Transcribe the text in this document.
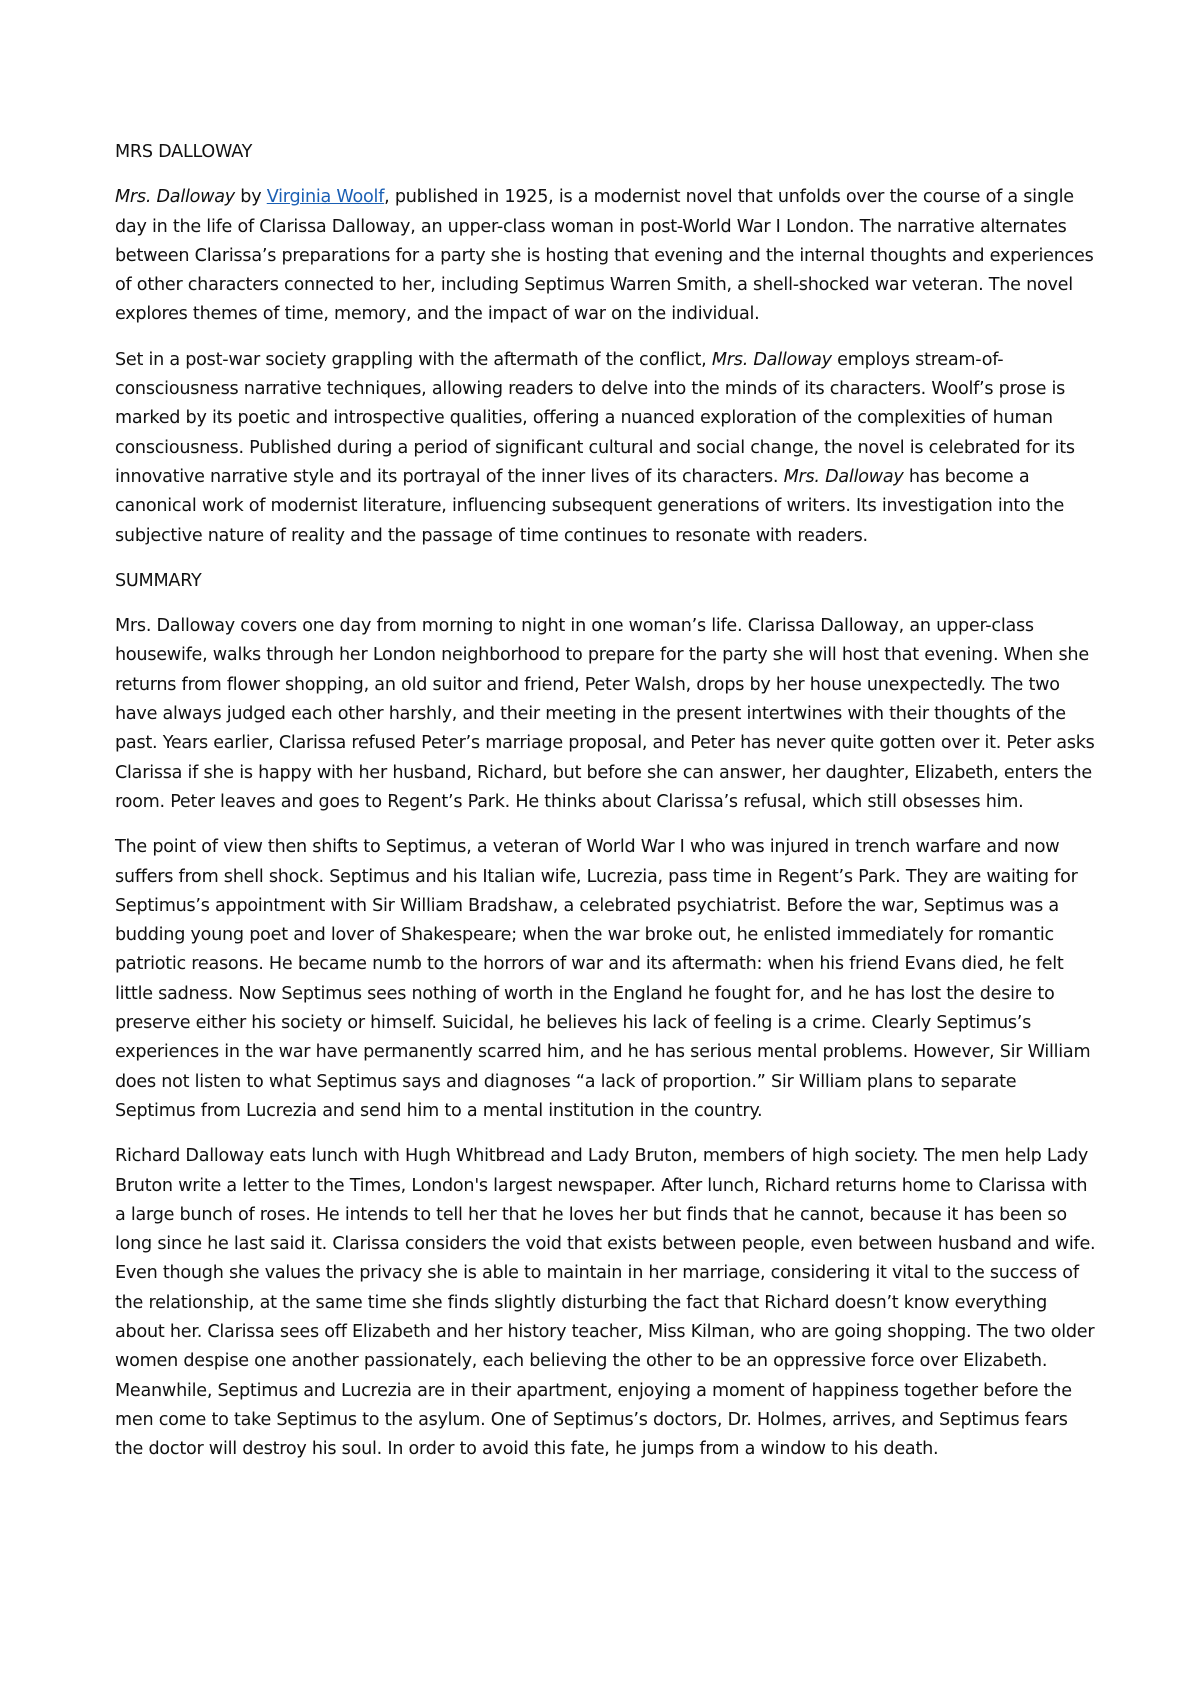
MRS DALLOWAY

Mrs. Dalloway by Virginia Woolf, published in 1925, is a modernist novel that unfolds over the course of a single day in the life of Clarissa Dalloway, an upper-class woman in post-World War I London. The narrative alternates between Clarissa’s preparations for a party she is hosting that evening and the internal thoughts and experiences of other characters connected to her, including Septimus Warren Smith, a shell-shocked war veteran. The novel explores themes of time, memory, and the impact of war on the individual.

Set in a post-war society grappling with the aftermath of the conflict, Mrs. Dalloway employs stream-of-consciousness narrative techniques, allowing readers to delve into the minds of its characters. Woolf’s prose is marked by its poetic and introspective qualities, offering a nuanced exploration of the complexities of human consciousness. Published during a period of significant cultural and social change, the novel is celebrated for its innovative narrative style and its portrayal of the inner lives of its characters. Mrs. Dalloway has become a canonical work of modernist literature, influencing subsequent generations of writers. Its investigation into the subjective nature of reality and the passage of time continues to resonate with readers.

SUMMARY

Mrs. Dalloway covers one day from morning to night in one woman’s life. Clarissa Dalloway, an upper-class housewife, walks through her London neighborhood to prepare for the party she will host that evening. When she returns from flower shopping, an old suitor and friend, Peter Walsh, drops by her house unexpectedly. The two have always judged each other harshly, and their meeting in the present intertwines with their thoughts of the past. Years earlier, Clarissa refused Peter’s marriage proposal, and Peter has never quite gotten over it. Peter asks Clarissa if she is happy with her husband, Richard, but before she can answer, her daughter, Elizabeth, enters the room. Peter leaves and goes to Regent’s Park. He thinks about Clarissa’s refusal, which still obsesses him.

The point of view then shifts to Septimus, a veteran of World War I who was injured in trench warfare and now suffers from shell shock. Septimus and his Italian wife, Lucrezia, pass time in Regent’s Park. They are waiting for Septimus’s appointment with Sir William Bradshaw, a celebrated psychiatrist. Before the war, Septimus was a budding young poet and lover of Shakespeare; when the war broke out, he enlisted immediately for romantic patriotic reasons. He became numb to the horrors of war and its aftermath: when his friend Evans died, he felt little sadness. Now Septimus sees nothing of worth in the England he fought for, and he has lost the desire to preserve either his society or himself. Suicidal, he believes his lack of feeling is a crime. Clearly Septimus’s experiences in the war have permanently scarred him, and he has serious mental problems. However, Sir William does not listen to what Septimus says and diagnoses “a lack of proportion.” Sir William plans to separate Septimus from Lucrezia and send him to a mental institution in the country.

Richard Dalloway eats lunch with Hugh Whitbread and Lady Bruton, members of high society. The men help Lady Bruton write a letter to the Times, London's largest newspaper. After lunch, Richard returns home to Clarissa with a large bunch of roses. He intends to tell her that he loves her but finds that he cannot, because it has been so long since he last said it. Clarissa considers the void that exists between people, even between husband and wife. Even though she values the privacy she is able to maintain in her marriage, considering it vital to the success of the relationship, at the same time she finds slightly disturbing the fact that Richard doesn’t know everything about her. Clarissa sees off Elizabeth and her history teacher, Miss Kilman, who are going shopping. The two older women despise one another passionately, each believing the other to be an oppressive force over Elizabeth. Meanwhile, Septimus and Lucrezia are in their apartment, enjoying a moment of happiness together before the men come to take Septimus to the asylum. One of Septimus’s doctors, Dr. Holmes, arrives, and Septimus fears the doctor will destroy his soul. In order to avoid this fate, he jumps from a window to his death.
